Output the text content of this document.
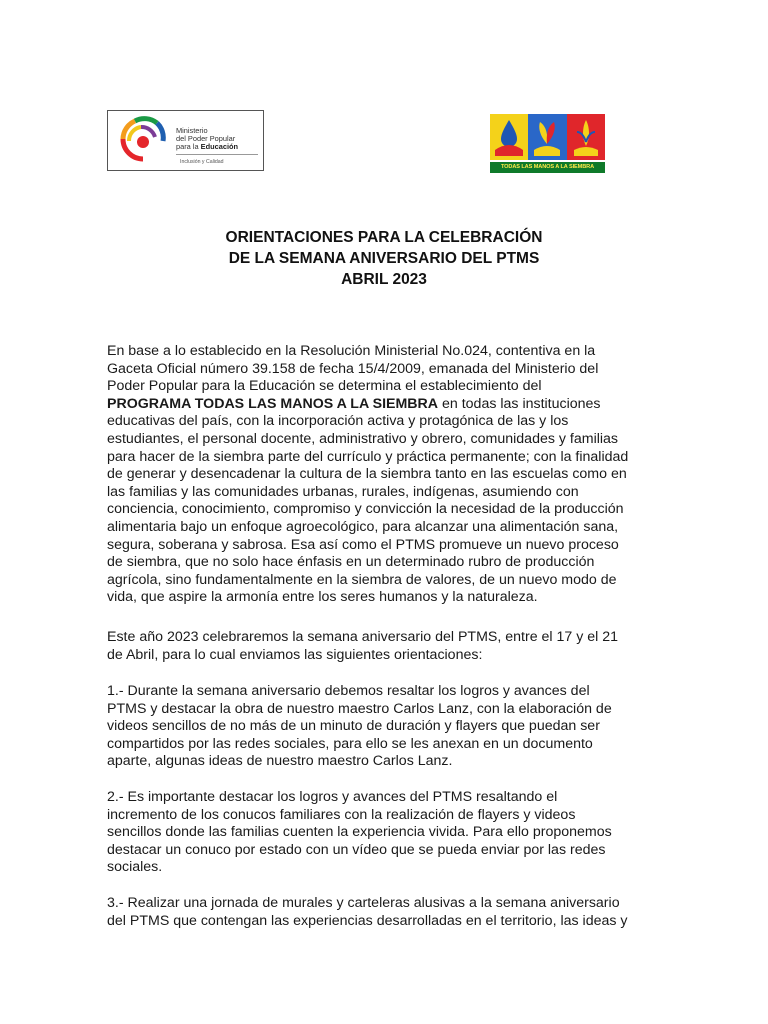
Ministerio
del Poder Popular
para la Educación
Inclusión y Calidad
TODAS LAS MANOS A LA SIEMBRA
ORIENTACIONES PARA LA CELEBRACIÓN
DE LA SEMANA ANIVERSARIO DEL PTMS
ABRIL 2023
En base a lo establecido en la Resolución Ministerial No.024, contentiva en la
Gaceta Oficial número 39.158 de fecha 15/4/2009, emanada del Ministerio del
Poder Popular para la Educación se determina el establecimiento del
PROGRAMA TODAS LAS MANOS A LA SIEMBRA en todas las instituciones
educativas del país, con la incorporación activa y protagónica de las y los
estudiantes, el personal docente, administrativo y obrero, comunidades y familias
para hacer de la siembra parte del currículo y práctica permanente; con la finalidad
de generar y desencadenar la cultura de la siembra tanto en las escuelas como en
las familias y las comunidades urbanas, rurales, indígenas, asumiendo con
conciencia, conocimiento, compromiso y convicción la necesidad de la producción
alimentaria bajo un enfoque agroecológico, para alcanzar una alimentación sana,
segura, soberana y sabrosa. Esa así como el PTMS promueve un nuevo proceso
de siembra, que no solo hace énfasis en un determinado rubro de producción
agrícola, sino fundamentalmente en la siembra de valores, de un nuevo modo de
vida, que aspire la armonía entre los seres humanos y la naturaleza.
Este año 2023 celebraremos la semana aniversario del PTMS, entre el 17 y el 21
de Abril, para lo cual enviamos las siguientes orientaciones:
1.- Durante la semana aniversario debemos resaltar los logros y avances del
PTMS y destacar la obra de nuestro maestro Carlos Lanz, con la elaboración de
videos sencillos de no más de un minuto de duración y flayers que puedan ser
compartidos por las redes sociales, para ello se les anexan en un documento
aparte, algunas ideas de nuestro maestro Carlos Lanz.
2.- Es importante destacar los logros y avances del PTMS resaltando el
incremento de los conucos familiares con la realización de flayers y videos
sencillos donde las familias cuenten la experiencia vivida. Para ello proponemos
destacar un conuco por estado con un vídeo que se pueda enviar por las redes
sociales.
3.- Realizar una jornada de murales y carteleras alusivas a la semana aniversario
del PTMS que contengan las experiencias desarrolladas en el territorio, las ideas y
